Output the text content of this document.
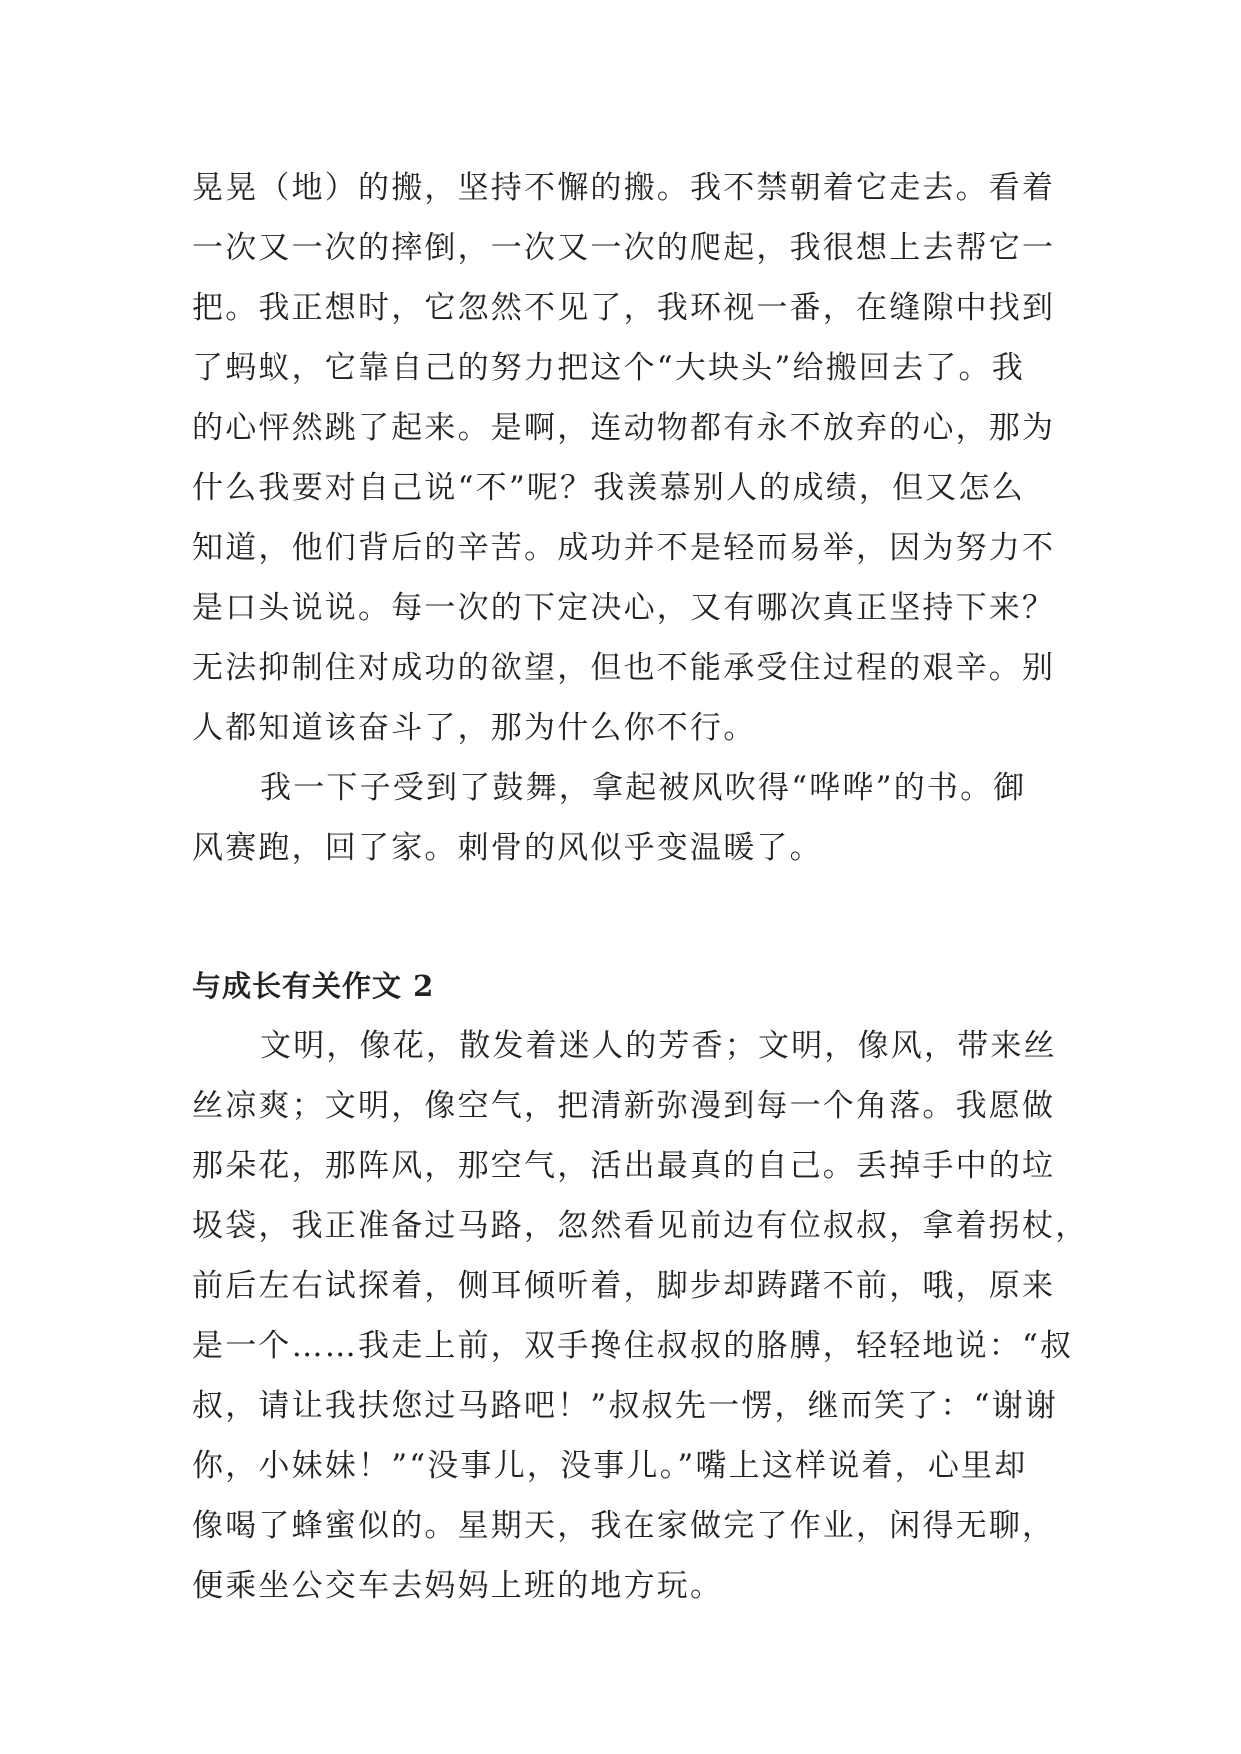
晃晃（地）的搬，坚持不懈的搬。我不禁朝着它走去。看着
一次又一次的摔倒，一次又一次的爬起，我很想上去帮它一
把。我正想时，它忽然不见了，我环视一番，在缝隙中找到
了蚂蚁，它靠自己的努力把这个“大块头”给搬回去了。我
的心怦然跳了起来。是啊，连动物都有永不放弃的心，那为
什么我要对自己说“不”呢？我羡慕别人的成绩，但又怎么
知道，他们背后的辛苦。成功并不是轻而易举，因为努力不
是口头说说。每一次的下定决心，又有哪次真正坚持下来？
无法抑制住对成功的欲望，但也不能承受住过程的艰辛。别
人都知道该奋斗了，那为什么你不行。
我一下子受到了鼓舞，拿起被风吹得“哗哗”的书。御
风赛跑，回了家。刺骨的风似乎变温暖了。
与成长有关作文 2
文明，像花，散发着迷人的芳香；文明，像风，带来丝
丝凉爽；文明，像空气，把清新弥漫到每一个角落。我愿做
那朵花，那阵风，那空气，活出最真的自己。丢掉手中的垃
圾袋，我正准备过马路，忽然看见前边有位叔叔，拿着拐杖，
前后左右试探着，侧耳倾听着，脚步却踌躇不前，哦，原来
是一个……我走上前，双手搀住叔叔的胳膊，轻轻地说：“叔
叔，请让我扶您过马路吧！”叔叔先一愣，继而笑了：“谢谢
你，小妹妹！”“没事儿，没事儿。”嘴上这样说着，心里却
像喝了蜂蜜似的。星期天，我在家做完了作业，闲得无聊，
便乘坐公交车去妈妈上班的地方玩。
